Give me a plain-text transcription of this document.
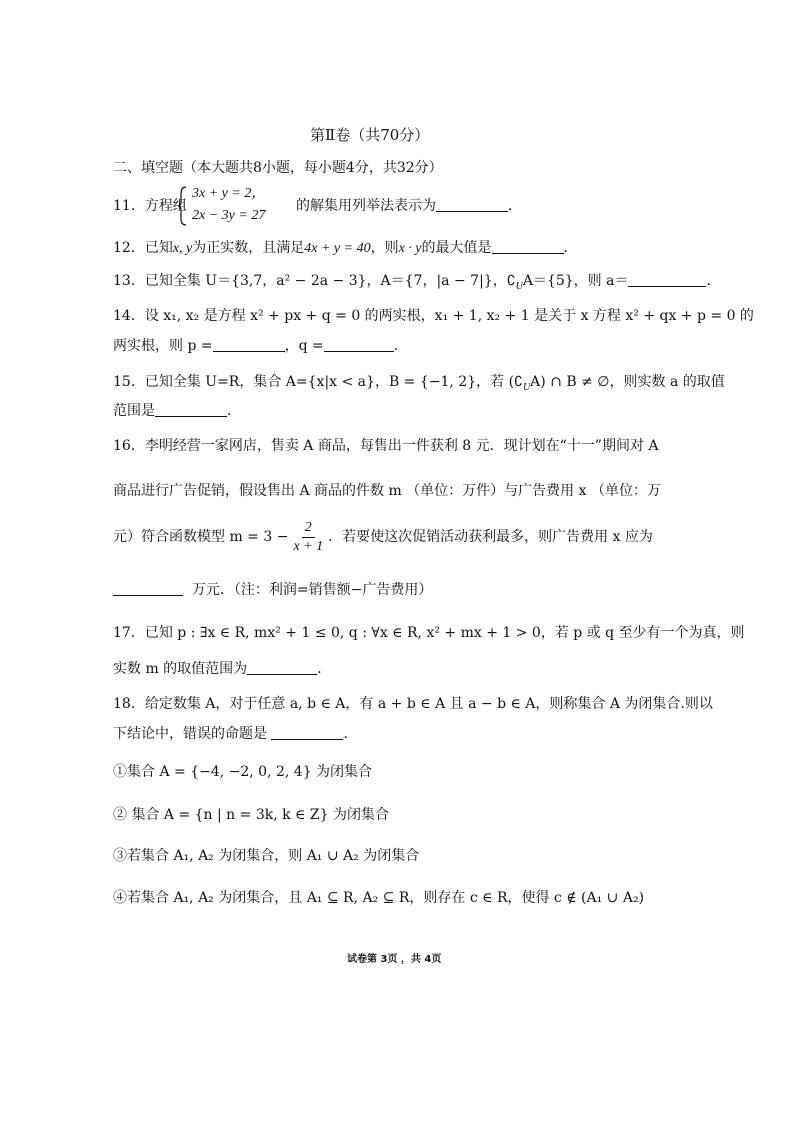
第Ⅱ卷（共70分）
二、填空题（本大题共8小题，每小题4分，共32分）
11．方程组
3x + y = 2，
2x − 3y = 27
的解集用列举法表示为	．
12．已知x, y为正实数，且满足4x + y = 40，则x · y的最大值是	．
13．已知全集 U＝{3,7，a² − 2a − 3}，A＝{7，|a − 7|}，$∁_UA=\{5\}$，则 a＝	．
14．设 x₁, x₂ 是方程 x² + px + q = 0 的两实根，x₁ + 1, x₂ + 1 是关于 x 方程 x² + qx + p = 0 的
两实根，则 p =	，q =	．
15．已知全集 U=R，集合 A={x|x < a}，B = {−1, 2}，若 $(∁_UA)$ ∩ B ≠ ∅，则实数 a 的取值
范围是	．
16．李明经营一家网店，售卖 A 商品，每售出一件获利 8 元．现计划在“十一”期间对 A
商品进行广告促销，假设售出 A 商品的件数 m （单位：万件）与广告费用 x （单位：万
元）符合函数模型 $m = 3 - \frac{2}{x + 1}$ ．若要使这次促销活动获利最多，则广告费用 x 应为
万元．（注：利润=销售额−广告费用）
17．已知 p : ∃x ∈ R, mx² + 1 ≤ 0, q : ∀x ∈ R, x² + mx + 1 > 0，若 p 或 q 至少有一个为真，则
实数 m 的取值范围为	．
18．给定数集 A，对于任意 a, b ∈ A，有 a + b ∈ A 且 a − b ∈ A，则称集合 A 为闭集合.则以
下结论中，错误的命题是	．
①集合 A = {−4, −2, 0, 2, 4} 为闭集合
② 集合 A = {n | n = 3k, k ∈ Z} 为闭集合
③若集合 A₁, A₂ 为闭集合，则 A₁ ∪ A₂ 为闭集合
④若集合 A₁, A₂ 为闭集合，且 A₁ ⊆ R, A₂ ⊆ R，则存在 c ∈ R，使得 c ∉ (A₁ ∪ A₂)
试卷第 3页 ，共 4页
